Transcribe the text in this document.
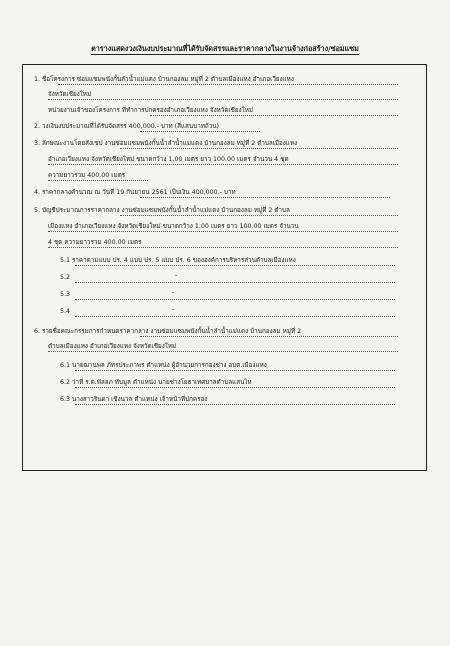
ตารางแสดงวงเงินงบประมาณที่ได้รับจัดสรรและราคากลางในงานจ้างก่อสร้าง/ซ่อมแซม
1. ชื่อโครงการ ซ่อมแซมพนังกั้นลำน้ำแม่แตง บ้านกองลม หมู่ที่ 2 ตำบลเมืองแหง อำเภอเวียงแหง
จังหวัดเชียงใหม่
หน่วยงานเจ้าของโครงการ ที่ทำการปกครองอำเภอเวียงแหง จังหวัดเชียงใหม่
2. วงเงินงบประมาณที่ได้รับจัดสรร 400,000.- บาท (สี่แสนบาทถ้วน)
3. ลักษณะงานโดยสังเขป งานซ่อมแซมพนังกั้นน้ำลำน้ำแม่แตง บ้านกองลม หมู่ที่ 2 ตำบลเมืองแหง
อำเภอเวียงแหง จังหวัดเชียงใหม่ ขนาดกว้าง 1.00 เมตร ยาว 100.00 เมตร จำนวน 4 ชุด
ความยาวรวม 400.00 เมตร
4. ราคากลางคำนวณ ณ วันที่ 19 กันยายน 2561 เป็นเงิน 400,000.- บาท
5. บัญชีประมาณการราคากลาง งานซ่อมแซมพนังกั้นน้ำลำน้ำแม่แตง บ้านกองลม หมู่ที่ 2 ตำบล
เมืองแหง อำเภอเวียงแหง จังหวัดเชียงใหม่ ขนาดกว้าง 1.00 เมตร ยาว 100.00 เมตร จำนวน
4 ชุด ความยาวรวม 400.00 เมตร
5.1 ราคาตามแบบ ปร. 4 แบบ ปร. 5 แบบ ปร. 6 ขององค์การบริหารส่วนตำบลเมืองแหง
5.2	-
5.3	-
5.4	-
6. รายชื่อคณะกรรมการกำหนดราคากลาง งานซ่อมแซมพนังกั้นน้ำลำน้ำแม่แตง บ้านกองลม หมู่ที่ 2
ตำบลเมืองแหง อำเภอเวียงแหง จังหวัดเชียงใหม่
6.1 นายฌานพล ภัทรประภาพร ตำแหน่ง ผู้อำนวยการกองช่าง อบต.เมืองแหง
6.2 ว่าที่ ร.ต.พัลลภ ทับมูล ตำแหน่ง นายช่างโยธาเทศบาลตำบลแสนไห
6.3 นางสาวรินดา เชิงนวล ตำแหน่ง เจ้าหน้าที่ปกครอง
